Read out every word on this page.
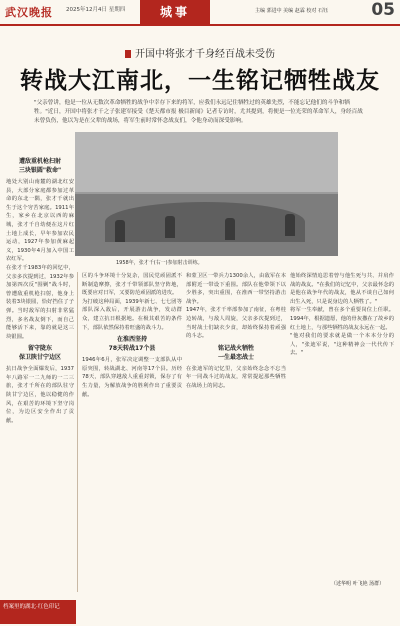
武汉晚报 2025年12月4日 星期四	城事	主编 郭进中 美编 赵霖 校对 石钰	05
开国中将张才千身经百战未受伤
转战大江南北，一生铭记牺牲战友
"父亲曾讲，他是一位从无数次革命牺牲的战争中幸存下来的将军，应我们永远记住牺牲过的英雄先烈，不能忘记他们的斗争和牺牲。"近日，开国中将张才千之子张建军接受《楚天都市报 极目新闻》记者专访时，尤其提到，将便是一位光荣的革命军人，身经百战未曾负伤，他以为是在父辈的战场，将军生前时常怀念战友们，令他身动而深受影响。
1958年，张才千(右一)参加射击训练。
遭敌重机枪扫射
三块银圆"救命"

地处大别山南麓的湖北红安县，大部分家庭都参加过革命的东北一隅，张才千就出生于这个穷苦家庭。1911年生，家乡在北京以西的麻城，张才千自幼便在这片红土地上成长，早年参加农民运动，1927年参加黄麻起义，1930年4月加入中国工农红军。

在张才千1983年的回忆中，父亲多次提到过，1932年参加第四次反"围剿"战斗时，曾遭敌重机枪扫射，他身上装着3块银圆，恰好挡住了子弹。当时敌军的扫射非常猛烈，多名战友倒下，而自己能够活下来，靠的就是这三块银圆。

留守陇东
保卫陕甘宁边区

抗日战争全面爆发后，1937年八路军一二九师的一二三旅，张才千所在的部队驻守陕甘宁边区，他以稳健的作风，在艰苦的环境下坚守岗位，为边区安全作出了贡献。

区的斗争环境十分复杂，国民党顽固派不断制造摩擦，张才千带领部队坚守阵地，既要应对日军，又要防范顽固派的进攻。

为打破这种局面，1939年新七、七七团等部队深入敌后，开展游击战争，发动群众，建立抗日根据地。在极其艰苦的条件下，部队依然保持着旺盛的战斗力。

在淮西坚持
78天转战17个县

1946年6月，张军决定调整一支部队从中原突围，转战湖北、河南等17个县。历经78天，部队穿越敌人重重封锁，保存了有生力量，为解放战争的胜利作出了重要贡献。

和蒙卫区一带兵力1300余人，由敌军在本部附近一带设下重围。部队在他带领下以少胜多，突出重围，在淮西一带坚持游击战争。

1947年，张才千率部参加了南征，在粤桂边转战，与敌人周旋，父亲多次提到过，当时战士们缺衣少食，却始终保持着顽强的斗志。

铭记战火牺牲
一生最恋战士

在张迪军的记忆里，父亲始终念念不忘当年一同战斗过的战友，常常提起那些牺牲在战场上的同志。

他始终深情追思着曾与他生死与共、并肩作战的战友。"在我们的记忆中，父亲最怀念的是他在战争年代的战友，他从不谈自己如何出生入死，只是说身边的人牺牲了。"

将军一生奉献，曾在多个重要岗位上任职。1994年，根据遗愿，他的骨灰撒在了故乡的红土地上，与那些牺牲的战友永远在一起。

"他对我们的要求就是做一个本本分分的人，"张迪军说，"这种精神会一代代传下去。"

（述华明 叶飞艳 汤群）
档案里的湖北·红色印记
